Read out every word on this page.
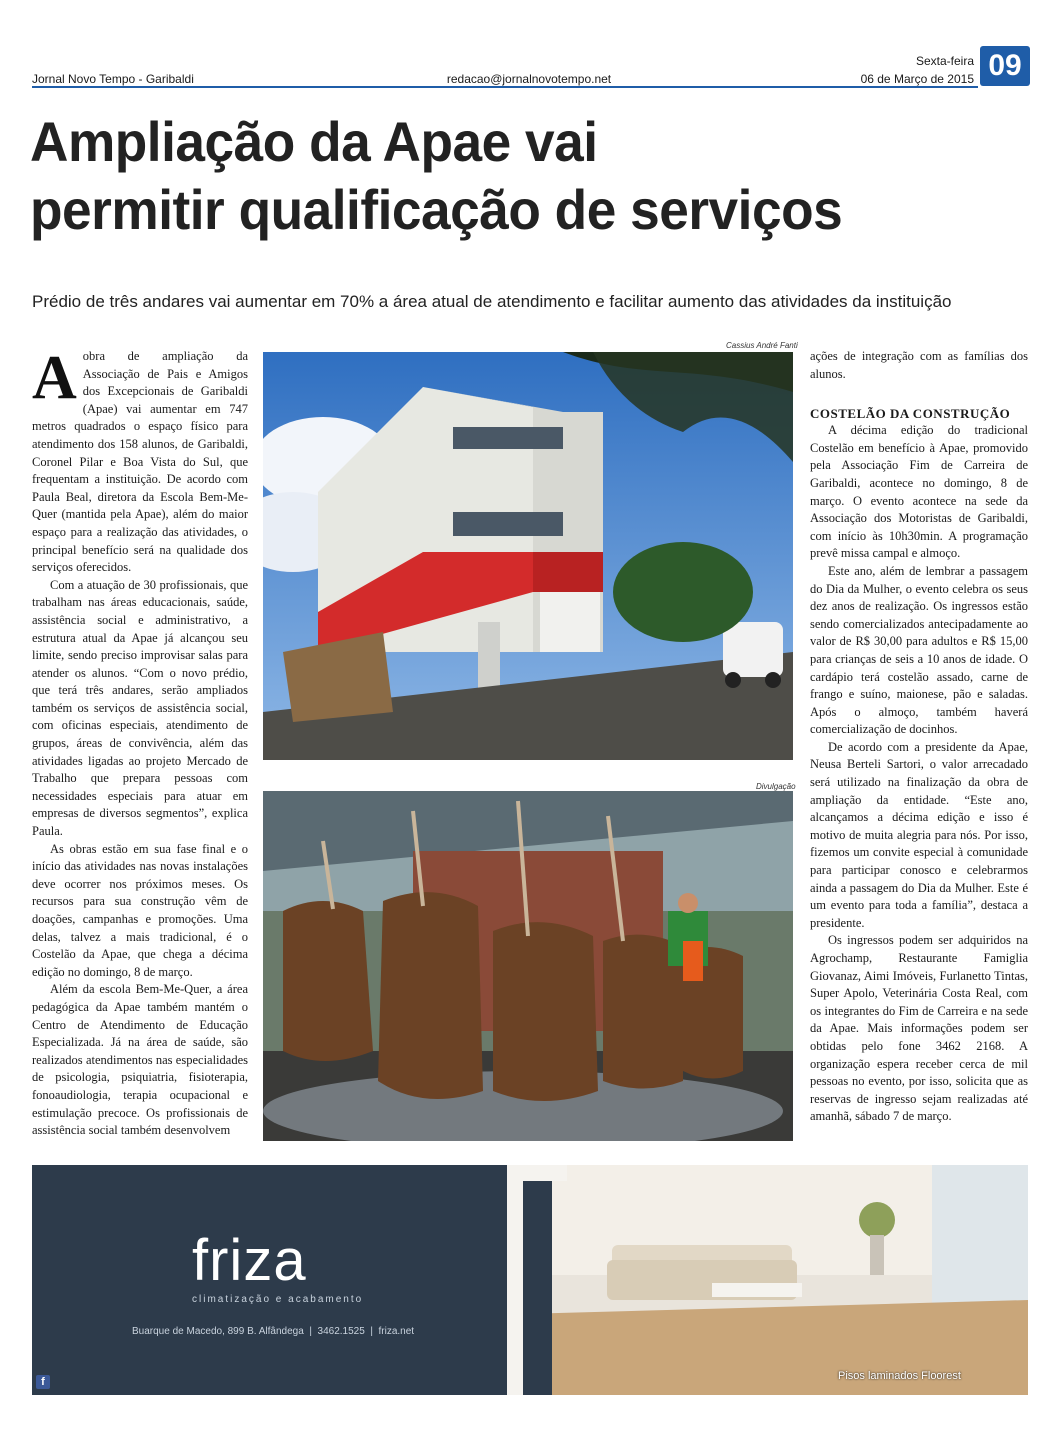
Jornal Novo Tempo - Garibaldi	redacao@jornalnovotempo.net
Sexta-feira
06 de Março de 2015 09
Ampliação da Apae vai
permitir qualificação de serviços
Prédio de três andares vai aumentar em 70% a área atual de atendimento e facilitar aumento das atividades da instituição
A obra de ampliação da Associação de Pais e Amigos dos Excepcionais de Garibaldi (Apae) vai aumentar em 747 metros quadrados o espaço físico para atendimento dos 158 alunos, de Garibaldi, Coronel Pilar e Boa Vista do Sul, que frequentam a instituição. De acordo com Paula Beal, diretora da Escola Bem-Me-Quer (mantida pela Apae), além do maior espaço para a realização das atividades, o principal benefício será na qualidade dos serviços oferecidos.

Com a atuação de 30 profissionais, que trabalham nas áreas educacionais, saúde, assistência social e administrativo, a estrutura atual da Apae já alcançou seu limite, sendo preciso improvisar salas para atender os alunos. “Com o novo prédio, que terá três andares, serão ampliados também os serviços de assistência social, com oficinas especiais, atendimento de grupos, áreas de convivência, além das atividades ligadas ao projeto Mercado de Trabalho que prepara pessoas com necessidades especiais para atuar em empresas de diversos segmentos”, explica Paula.

As obras estão em sua fase final e o início das atividades nas novas instalações deve ocorrer nos próximos meses. Os recursos para sua construção vêm de doações, campanhas e promoções. Uma delas, talvez a mais tradicional, é o Costelão da Apae, que chega a décima edição no domingo, 8 de março.

Além da escola Bem-Me-Quer, a área pedagógica da Apae também mantém o Centro de Atendimento de Educação Especializada. Já na área de saúde, são realizados atendimentos nas especialidades de psicologia, psiquiatria, fisioterapia, fonoaudiologia, terapia ocupacional e estimulação precoce. Os profissionais de assistência social também desenvolvem

Cassius André Fanti
Divulgação

ações de integração com as famílias dos alunos.

COSTELÃO DA CONSTRUÇÃO

A décima edição do tradicional Costelão em benefício à Apae, promovido pela Associação Fim de Carreira de Garibaldi, acontece no domingo, 8 de março. O evento acontece na sede da Associação dos Motoristas de Garibaldi, com início às 10h30min. A programação prevê missa campal e almoço.

Este ano, além de lembrar a passagem do Dia da Mulher, o evento celebra os seus dez anos de realização. Os ingressos estão sendo comercializados antecipadamente ao valor de R$ 30,00 para adultos e R$ 15,00 para crianças de seis a 10 anos de idade. O cardápio terá costelão assado, carne de frango e suíno, maionese, pão e saladas. Após o almoço, também haverá comercialização de docinhos.

De acordo com a presidente da Apae, Neusa Berteli Sartori, o valor arrecadado será utilizado na finalização da obra de ampliação da entidade. “Este ano, alcançamos a décima edição e isso é motivo de muita alegria para nós. Por isso, fizemos um convite especial à comunidade para participar conosco e celebrarmos ainda a passagem do Dia da Mulher. Este é um evento para toda a família”, destaca a presidente.

Os ingressos podem ser adquiridos na Agrochamp, Restaurante Famiglia Giovanaz, Aimi Imóveis, Furlanetto Tintas, Super Apolo, Veterinária Costa Real, com os integrantes do Fim de Carreira e na sede da Apae. Mais informações podem ser obtidas pelo fone 3462 2168. A organização espera receber cerca de mil pessoas no evento, por isso, solicita que as reservas de ingresso sejam realizadas até amanhã, sábado 7 de março.

friza
climatização e acabamento
Buarque de Macedo, 899 B. Alfândega  |  3462.1525  |  friza.net
f	Pisos laminados Floorest
